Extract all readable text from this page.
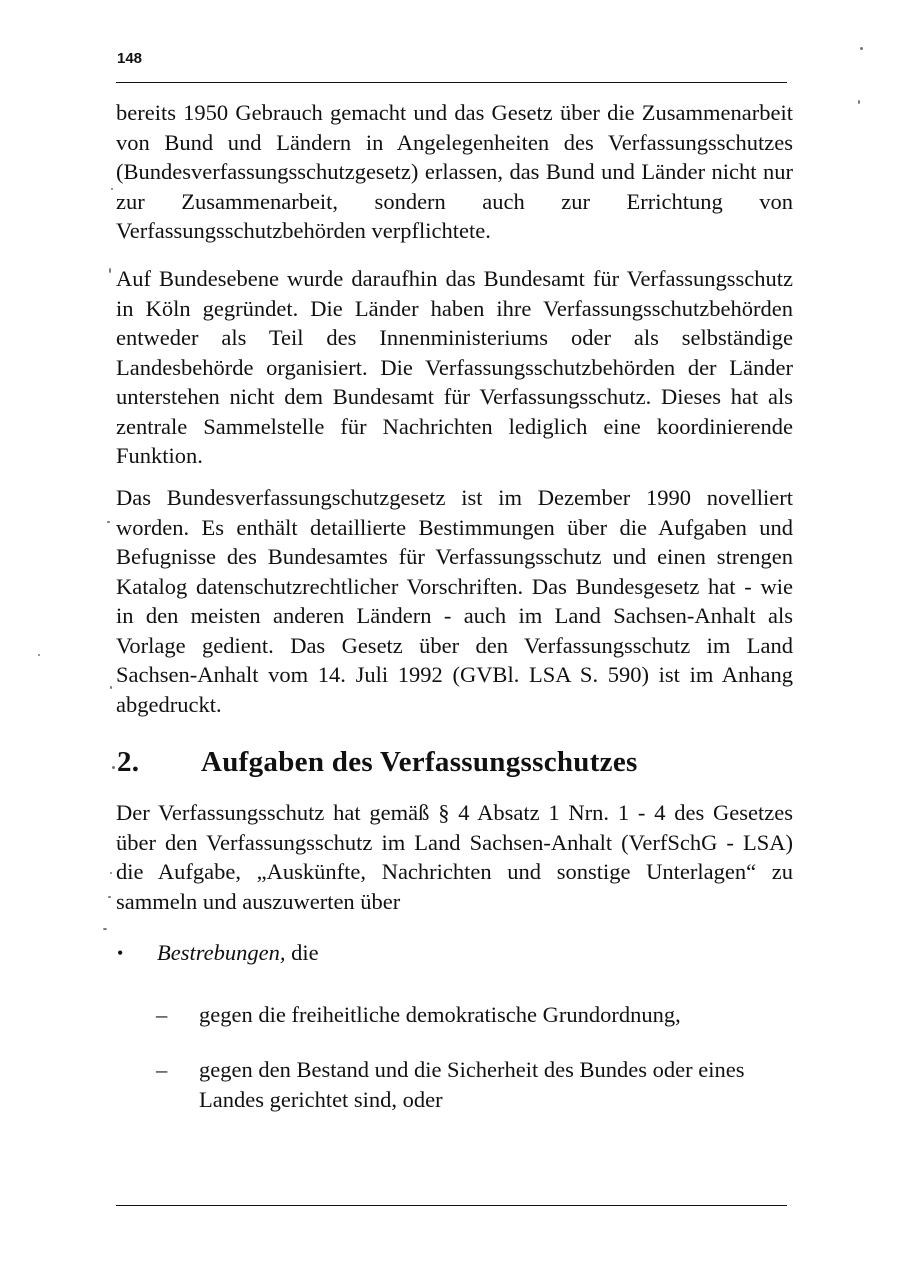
148

bereits 1950 Gebrauch gemacht und das Gesetz über die Zusammenarbeit von Bund und Ländern in Angelegenheiten des Verfassungsschutzes (Bundesverfassungsschutzgesetz) erlassen, das Bund und Länder nicht nur zur Zusammenarbeit, sondern auch zur Errichtung von Verfassungsschutzbehörden verpflichtete.

Auf Bundesebene wurde daraufhin das Bundesamt für Verfassungsschutz in Köln gegründet. Die Länder haben ihre Verfassungsschutzbehörden entweder als Teil des Innenministeriums oder als selbständige Landesbehörde organisiert. Die Verfassungsschutzbehörden der Länder unterstehen nicht dem Bundesamt für Verfassungsschutz. Dieses hat als zentrale Sammelstelle für Nachrichten lediglich eine koordinierende Funktion.

Das Bundesverfassungschutzgesetz ist im Dezember 1990 novelliert worden. Es enthält detaillierte Bestimmungen über die Aufgaben und Befugnisse des Bundesamtes für Verfassungsschutz und einen strengen Katalog datenschutzrechtlicher Vorschriften. Das Bundesgesetz hat - wie in den meisten anderen Ländern - auch im Land Sachsen-Anhalt als Vorlage gedient. Das Gesetz über den Verfassungsschutz im Land Sachsen-Anhalt vom 14. Juli 1992 (GVBl. LSA S. 590) ist im Anhang abgedruckt.

2. Aufgaben des Verfassungsschutzes

Der Verfassungsschutz hat gemäß § 4 Absatz 1 Nrn. 1 - 4 des Gesetzes über den Verfassungsschutz im Land Sachsen-Anhalt (VerfSchG - LSA) die Aufgabe, „Auskünfte, Nachrichten und sonstige Unterlagen“ zu sammeln und auszuwerten über

• Bestrebungen, die
– gegen die freiheitliche demokratische Grundordnung,
– gegen den Bestand und die Sicherheit des Bundes oder eines Landes gerichtet sind, oder
